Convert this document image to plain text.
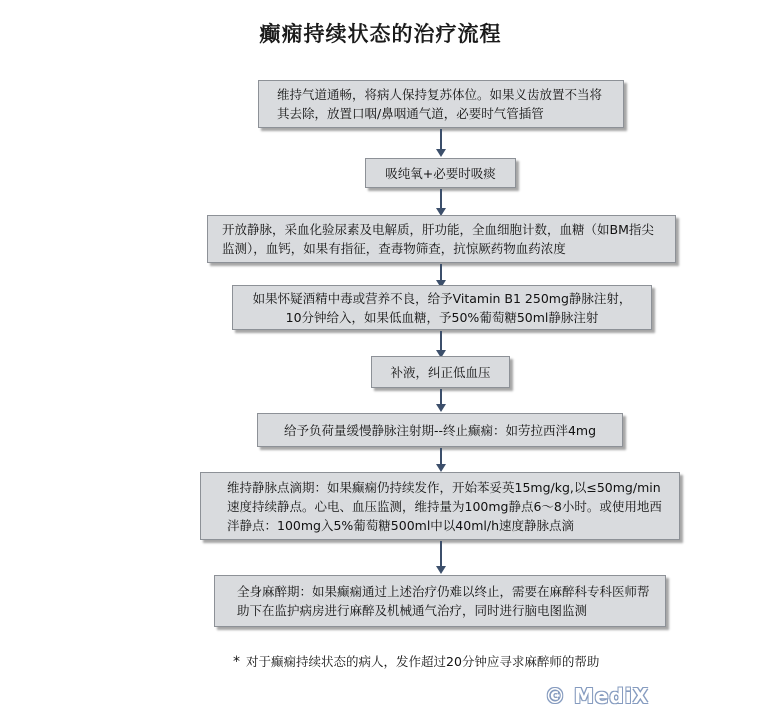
癫痫持续状态的治疗流程
维持气道通畅，将病人保持复苏体位。如果义齿放置不当将其去除，放置口咽/鼻咽通气道，必要时气管插管
吸纯氧+必要时吸痰
开放静脉，采血化验尿素及电解质，肝功能，全血细胞计数，血糖（如BM指尖监测），血钙，如果有指征，查毒物筛查，抗惊厥药物血药浓度
如果怀疑酒精中毒或营养不良，给予Vitamin B1 250mg静脉注射，10分钟给入，如果低血糖，予50%葡萄糖50ml静脉注射
补液，纠正低血压
给予负荷量缓慢静脉注射期--终止癫痫：如劳拉西泮4mg
维持静脉点滴期：如果癫痫仍持续发作，开始苯妥英15mg/kg,以≤50mg/min速度持续静点。心电、血压监测，维持量为100mg静点6～8小时。或使用地西泮静点：100mg入5%葡萄糖500ml中以40ml/h速度静脉点滴
全身麻醉期：如果癫痫通过上述治疗仍难以终止，需要在麻醉科专科医师帮助下在监护病房进行麻醉及机械通气治疗，同时进行脑电图监测
* 对于癫痫持续状态的病人，发作超过20分钟应寻求麻醉师的帮助
© MediX
